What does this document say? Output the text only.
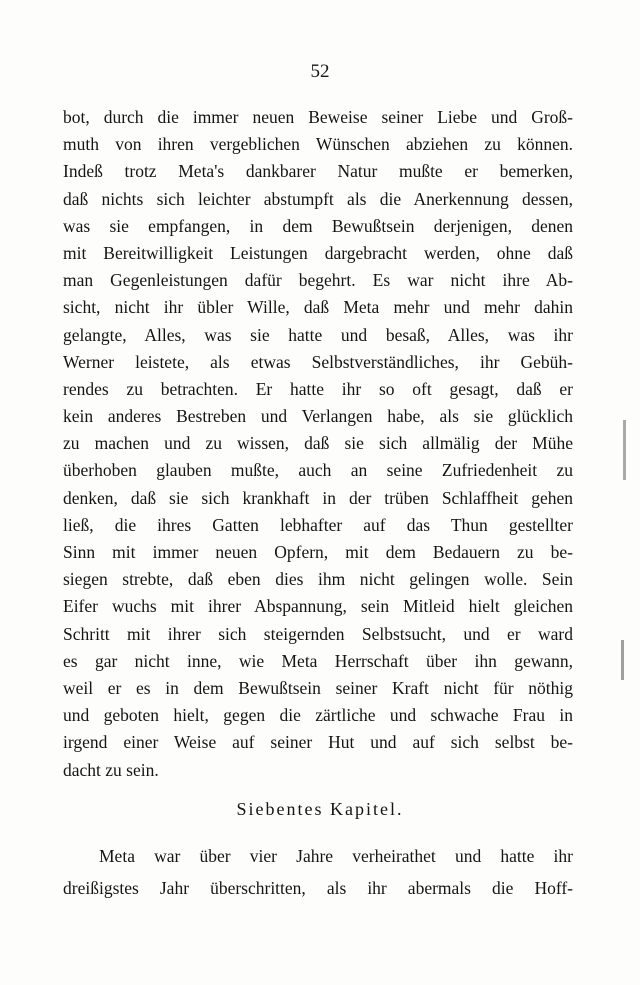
52
bot, durch die immer neuen Beweise seiner Liebe und Groß-
muth von ihren vergeblichen Wünschen abziehen zu können.
Indeß trotz Meta's dankbarer Natur mußte er bemerken,
daß nichts sich leichter abstumpft als die Anerkennung dessen,
was sie empfangen, in dem Bewußtsein derjenigen, denen
mit Bereitwilligkeit Leistungen dargebracht werden, ohne daß
man Gegenleistungen dafür begehrt. Es war nicht ihre Ab-
sicht, nicht ihr übler Wille, daß Meta mehr und mehr dahin
gelangte, Alles, was sie hatte und besaß, Alles, was ihr
Werner leistete, als etwas Selbstverständliches, ihr Gebüh-
rendes zu betrachten. Er hatte ihr so oft gesagt, daß er
kein anderes Bestreben und Verlangen habe, als sie glücklich
zu machen und zu wissen, daß sie sich allmälig der Mühe
überhoben glauben mußte, auch an seine Zufriedenheit zu
denken, daß sie sich krankhaft in der trüben Schlaffheit gehen
ließ, die ihres Gatten lebhafter auf das Thun gestellter
Sinn mit immer neuen Opfern, mit dem Bedauern zu be-
siegen strebte, daß eben dies ihm nicht gelingen wolle. Sein
Eifer wuchs mit ihrer Abspannung, sein Mitleid hielt gleichen
Schritt mit ihrer sich steigernden Selbstsucht, und er ward
es gar nicht inne, wie Meta Herrschaft über ihn gewann,
weil er es in dem Bewußtsein seiner Kraft nicht für nöthig
und geboten hielt, gegen die zärtliche und schwache Frau in
irgend einer Weise auf seiner Hut und auf sich selbst be-
dacht zu sein.
Siebentes Kapitel.
Meta war über vier Jahre verheirathet und hatte ihr
dreißigstes Jahr überschritten, als ihr abermals die Hoff-
